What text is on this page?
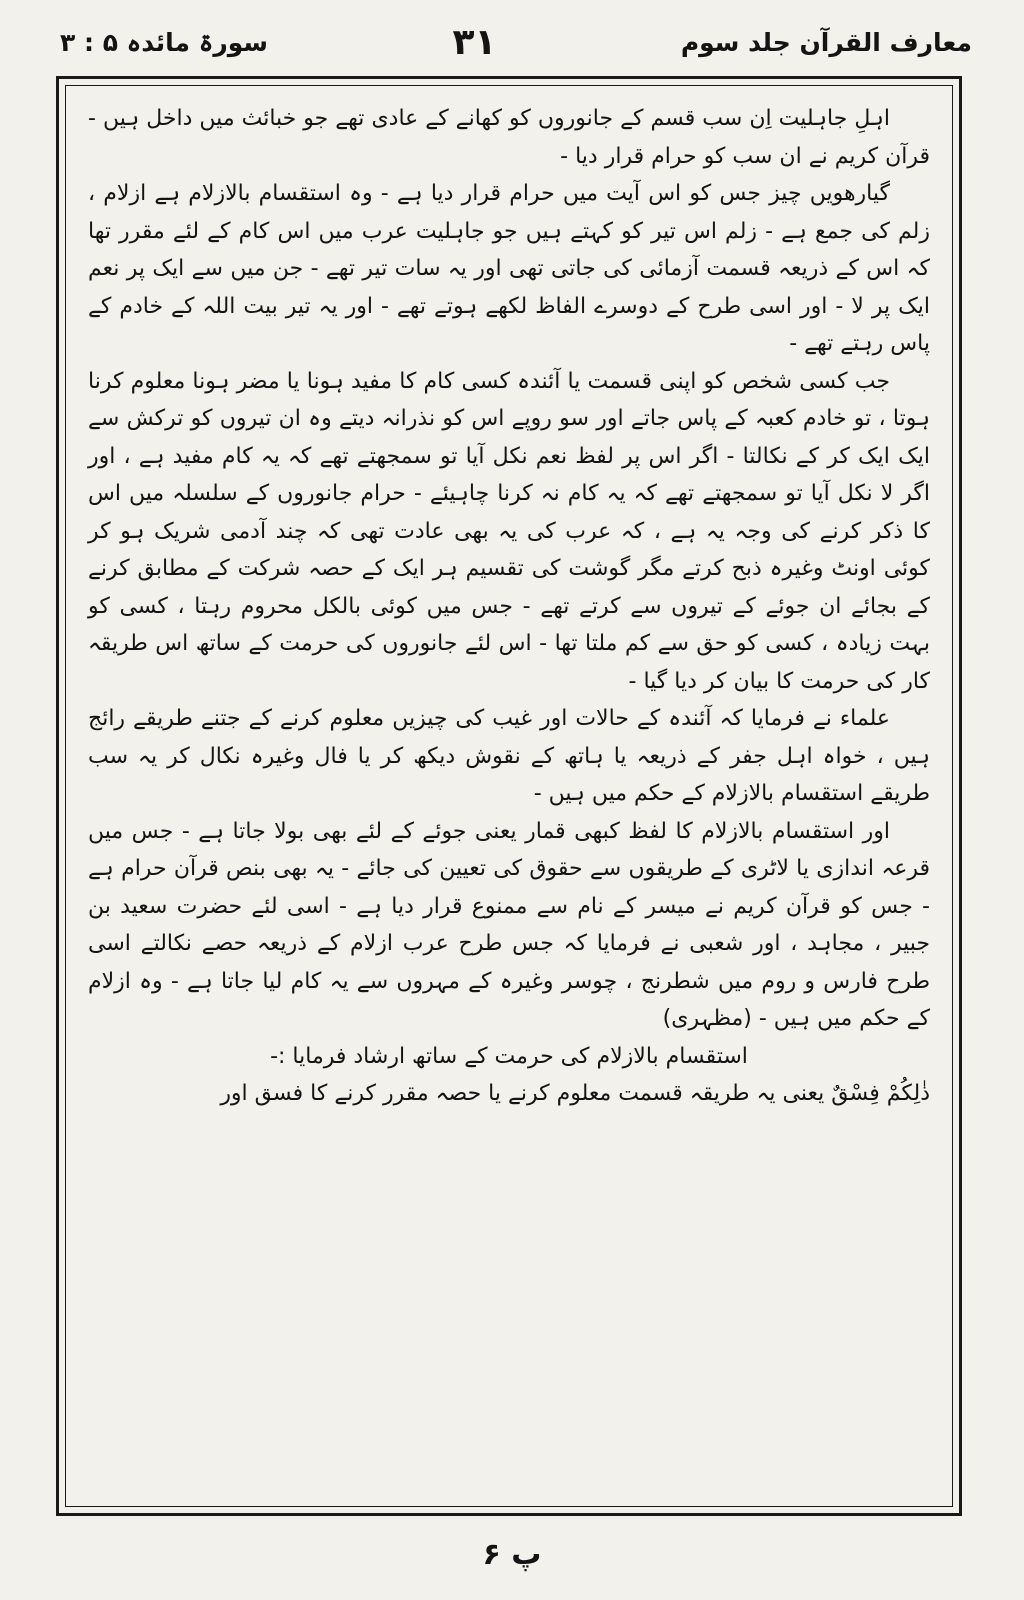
معارف القرآن جلد سوم
۳۱
سورۃ مائدہ ۵ : ۳

اہلِ جاہلیت اِن سب قسم کے جانوروں کو کھانے کے عادی تھے جو خبائث میں داخل ہیں - قرآن کریم نے ان سب کو حرام قرار دیا -

گیارھویں چیز جس کو اس آیت میں حرام قرار دیا ہے - وہ استقسام بالازلام ہے ازلام ، زلم کی جمع ہے - زلم اس تیر کو کہتے ہیں جو جاہلیت عرب میں اس کام کے لئے مقرر تھا کہ اس کے ذریعہ قسمت آزمائی کی جاتی تھی اور یہ سات تیر تھے - جن میں سے ایک پر نعم ایک پر لا - اور اسی طرح کے دوسرے الفاظ لکھے ہوتے تھے - اور یہ تیر بیت اللہ کے خادم کے پاس رہتے تھے -

جب کسی شخص کو اپنی قسمت یا آئندہ کسی کام کا مفید ہونا یا مضر ہونا معلوم کرنا ہوتا ، تو خادم کعبہ کے پاس جاتے اور سو روپے اس کو نذرانہ دیتے وہ ان تیروں کو ترکش سے ایک ایک کر کے نکالتا - اگر اس پر لفظ نعم نکل آیا تو سمجھتے تھے کہ یہ کام مفید ہے ، اور اگر لا نکل آیا تو سمجھتے تھے کہ یہ کام نہ کرنا چاہیئے - حرام جانوروں کے سلسلہ میں اس کا ذکر کرنے کی وجہ یہ ہے ، کہ عرب کی یہ بھی عادت تھی کہ چند آدمی شریک ہو کر کوئی اونٹ وغیرہ ذبح کرتے مگر گوشت کی تقسیم ہر ایک کے حصہ شرکت کے مطابق کرنے کے بجائے ان جوئے کے تیروں سے کرتے تھے - جس میں کوئی بالکل محروم رہتا ، کسی کو بہت زیادہ ، کسی کو حق سے کم ملتا تھا - اس لئے جانوروں کی حرمت کے ساتھ اس طریقہ کار کی حرمت کا بیان کر دیا گیا -

علماء نے فرمایا کہ آئندہ کے حالات اور غیب کی چیزیں معلوم کرنے کے جتنے طریقے رائج ہیں ، خواہ اہل جفر کے ذریعہ یا ہاتھ کے نقوش دیکھ کر یا فال وغیرہ نکال کر یہ سب طریقے استقسام بالازلام کے حکم میں ہیں -

اور استقسام بالازلام کا لفظ کبھی قمار یعنی جوئے کے لئے بھی بولا جاتا ہے - جس میں قرعہ اندازی یا لاٹری کے طریقوں سے حقوق کی تعیین کی جائے - یہ بھی بنص قرآن حرام ہے - جس کو قرآن کریم نے میسر کے نام سے ممنوع قرار دیا ہے - اسی لئے حضرت سعید بن جبیر ، مجاہد ، اور شعبی نے فرمایا کہ جس طرح عرب ازلام کے ذریعہ حصے نکالتے اسی طرح فارس و روم میں شطرنج ، چوسر وغیرہ کے مہروں سے یہ کام لیا جاتا ہے - وہ ازلام کے حکم میں ہیں - (مظہری)

استقسام بالازلام کی حرمت کے ساتھ ارشاد فرمایا :-

ذٰلِكُمْ فِسْقٌ یعنی یہ طریقہ قسمت معلوم کرنے یا حصہ مقرر کرنے کا فسق اور

۶ پ
